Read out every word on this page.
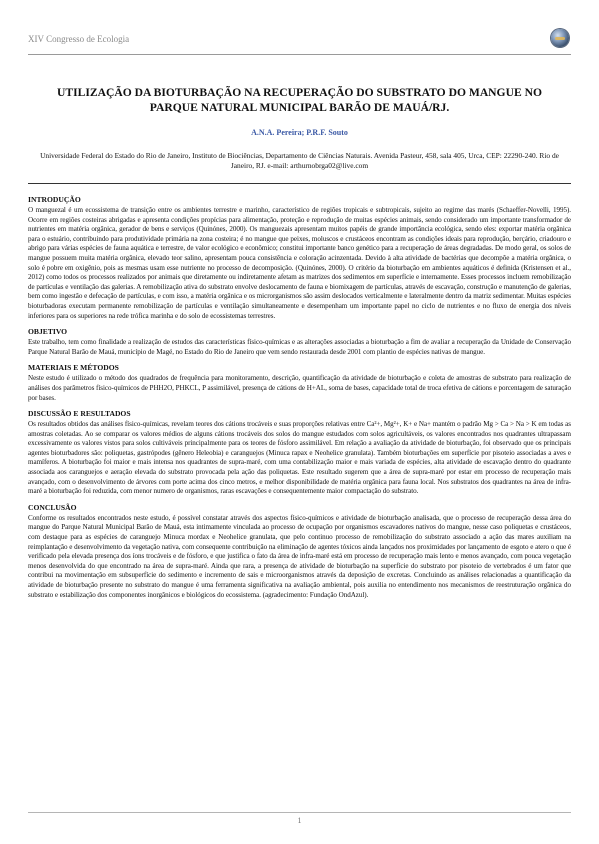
XIV Congresso de Ecologia
UTILIZAÇÃO DA BIOTURBAÇÃO NA RECUPERAÇÃO DO SUBSTRATO DO MANGUE NO PARQUE NATURAL MUNICIPAL BARÃO DE MAUÁ/RJ.
A.N.A. Pereira; P.R.F. Souto
Universidade Federal do Estado do Rio de Janeiro, Instituto de Biociências, Departamento de Ciências Naturais. Avenida Pasteur, 458, sala 405, Urca, CEP: 22290-240. Rio de Janeiro, RJ. e-mail: arthurnobrga02@live.com
INTRODUÇÃO

O manguezal é um ecossistema de transição entre os ambientes terrestre e marinho, característico de regiões tropicais e subtropicais, sujeito ao regime das marés (Schaeffer-Novelli, 1995). Ocorre em regiões costeiras abrigadas e apresenta condições propícias para alimentação, proteção e reprodução de muitas espécies animais, sendo considerado um importante transformador de nutrientes em matéria orgânica, gerador de bens e serviços (Quinónes, 2000). Os manguezais apresentam muitos papéis de grande importância ecológica, sendo eles: exportar matéria orgânica para o estuário, contribuindo para produtividade primária na zona costeira; é no mangue que peixes, moluscos e crustáceos encontram as condições ideais para reprodução, berçário, criadouro e abrigo para várias espécies de fauna aquática e terrestre, de valor ecológico e econômico; constitui importante banco genético para a recuperação de áreas degradadas. De modo geral, os solos de mangue possuem muita matéria orgânica, elevado teor salino, apresentam pouca consistência e coloração acinzentada. Devido à alta atividade de bactérias que decompõe a matéria orgânica, o solo é pobre em oxigênio, pois as mesmas usam esse nutriente no processo de decomposição. (Quinónes, 2000). O critério da bioturbação em ambientes aquáticos é definida (Kristensen et al., 2012) como todos os processos realizados por animais que diretamente ou indiretamente afetam as matrizes dos sedimentos em superfície e internamente. Esses processos incluem remobilização de partículas e ventilação das galerias. A remobilização ativa do substrato envolve deslocamento de fauna e biomixagem de partículas, através de escavação, construção e manutenção de galerias, bem como ingestão e defecação de partículas, e com isso, a matéria orgânica e os microrganismos são assim deslocados verticalmente e lateralmente dentro da matriz sedimentar. Muitas espécies bioturbadoras executam permanente remobilização de partículas e ventilação simultaneamente e desempenham um importante papel no ciclo de nutrientes e no fluxo de energia dos níveis inferiores para os superiores na rede trófica marinha e do solo de ecossistemas terrestres.

OBJETIVO

Este trabalho, tem como finalidade a realização de estudos das características físico-químicas e as alterações associadas a bioturbação a fim de avaliar a recuperação da Unidade de Conservação Parque Natural Barão de Mauá, município de Magé, no Estado do Rio de Janeiro que vem sendo restaurada desde 2001 com plantio de espécies nativas de mangue.

MATERIAIS E MÉTODOS

Neste estudo é utilizado o método dos quadrados de frequência para monitoramento, descrição, quantificação da atividade de bioturbação e coleta de amostras de substrato para realização de análises dos parâmetros físico-químicos de PHH2O, PHKCL, P assimilável, presença de cátions de H+AL, soma de bases, capacidade total de troca efetiva de cátions e porcentagem de saturação por bases.

DISCUSSÃO E RESULTADOS

Os resultados obtidos das análises físico-químicas, revelam teores dos cátions trocáveis e suas proporções relativas entre Ca²+, Mg²+, K+ e Na+ mantém o padrão Mg > Ca > Na > K em todas as amostras coletadas. Ao se comparar os valores médios de alguns cátions trocáveis dos solos do mangue estudados com solos agricultáveis, os valores encontrados nos quadrantes ultrapassam excessivamente os valores vistos para solos cultiváveis principalmente para os teores de fósforo assimilável. Em relação a avaliação da atividade de bioturbação, foi observado que os principais agentes bioturbadores são: poliquetas, gastrópodes (gênero Heleobia) e caranguejos (Minuca rapax e Neohelice granulata). Também bioturbações em superfície por pisoteio associadas a aves e mamíferos. A bioturbação foi maior e mais intensa nos quadrantes de supra-maré, com uma contabilização maior e mais variada de espécies, alta atividade de escavação dentro do quadrante associada aos caranguejos e aeração elevada do substrato provocada pela ação das poliquetas. Este resultado sugerem que a área de supra-maré por estar em processo de recuperação mais avançado, com o desenvolvimento de árvores com porte acima dos cinco metros, e melhor disponibilidade de matéria orgânica para fauna local. Nos substratos dos quadrantes na área de infra-maré a bioturbação foi reduzida, com menor numero de organismos, raras escavações e consequentemente maior compactação do substrato.

CONCLUSÃO

Conforme os resultados encontrados neste estudo, é possível constatar através dos aspectos físico-químicos e atividade de bioturbação analisada, que o processo de recuperação dessa área do mangue do Parque Natural Municipal Barão de Mauá, esta intimamente vinculada ao processo de ocupação por organismos escavadores nativos do mangue, nesse caso poliquetas e crustáceos, com destaque para as espécies de caranguejo Minuca mordax e Neohelice granulata, que pelo continuo processo de remobilização do substrato associado a ação das mares auxiliam na reimplantação e desenvolvimento da vegetação nativa, com consequente contribuição na eliminação de agentes tóxicos ainda lançados nos proximidades por lançamento de esgoto e atero o que é verificado pela elevada presença dos íons trocáveis e de fósforo, e que justifica o fato da área de infra-maré está em processo de recuperação mais lento e menos avançado, com pouca vegetação menos desenvolvida do que encontrado na área de supra-maré. Ainda que rara, a presença de atividade de bioturbação na superfície do substrato por pisoteio de vertebrados é um fator que contribui na movimentação em subsuperfície do sedimento e incremento de sais e microorganismos através da deposição de excretas. Concluindo as análises relacionadas a quantificação da atividade de bioturbação presente no substrato do mangue é uma ferramenta significativa na avaliação ambiental, pois auxilia no entendimento nos mecanismos de reestruturação orgânica do substrato e estabilização dos componentes inorgânicos e biológicos do ecossistema. (agradecimento: Fundação OndAzul).

1
